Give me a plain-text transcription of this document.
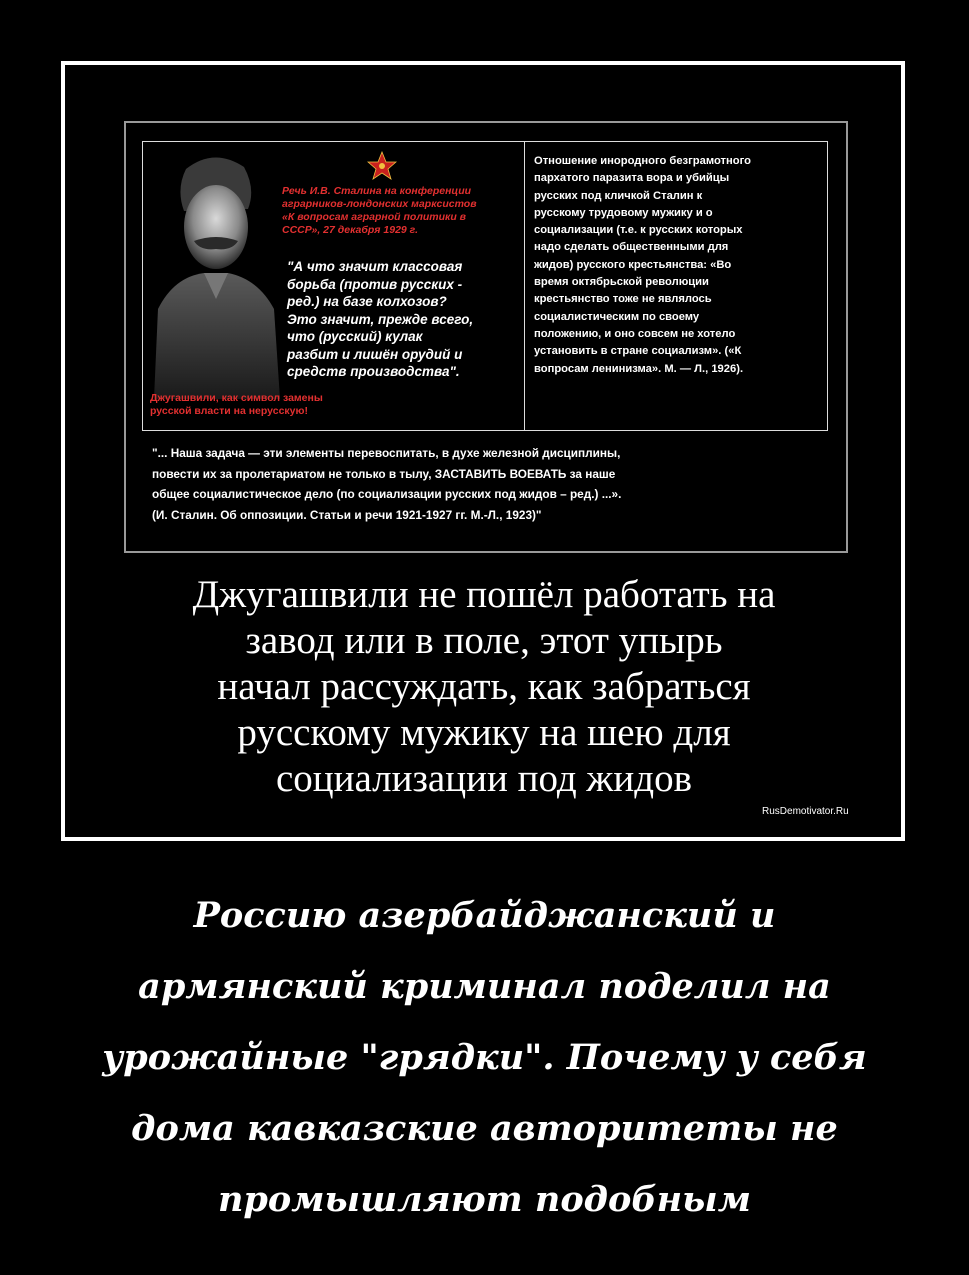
Речь И.В. Сталина на конференции
аграрников-лондонских марксистов
«К вопросам аграрной политики в
СССР», 27 декабря 1929 г.
"А что значит классовая
борьба (против русских -
ред.) на базе колхозов?
Это значит, прежде всего,
что (русский) кулак
разбит и лишён орудий и
средств производства".
Джугашвили, как символ замены
русской власти на нерусскую!
Отношение инородного безграмотного
пархатого паразита вора и убийцы
русских под кличкой Сталин к
русскому трудовому мужику и о
социализации (т.е. к русских которых
надо сделать общественными для
жидов) русского крестьянства: «Во
время октябрьской революции
крестьянство тоже не являлось
социалистическим по своему
положению, и оно совсем не хотело
установить в стране социализм». («К
вопросам ленинизма». М. — Л., 1926).
"... Наша задача — эти элементы перевоспитать, в духе железной дисциплины,
повести их за пролетариатом не только в тылу, ЗАСТАВИТЬ ВОЕВАТЬ за наше
общее социалистическое дело (по социализации русских под жидов – ред.) ...».
(И. Сталин. Об оппозиции. Статьи и речи 1921-1927 гг. М.-Л., 1923)"
Джугашвили не пошёл работать на
завод или в поле, этот упырь
начал рассуждать, как забраться
русскому мужику на шею для
социализации под жидов
RusDemotivator.Ru
Россию азербайджанский и
армянский криминал поделил на
урожайные "грядки". Почему у себя
дома кавказские авторитеты не
промышляют подобным
